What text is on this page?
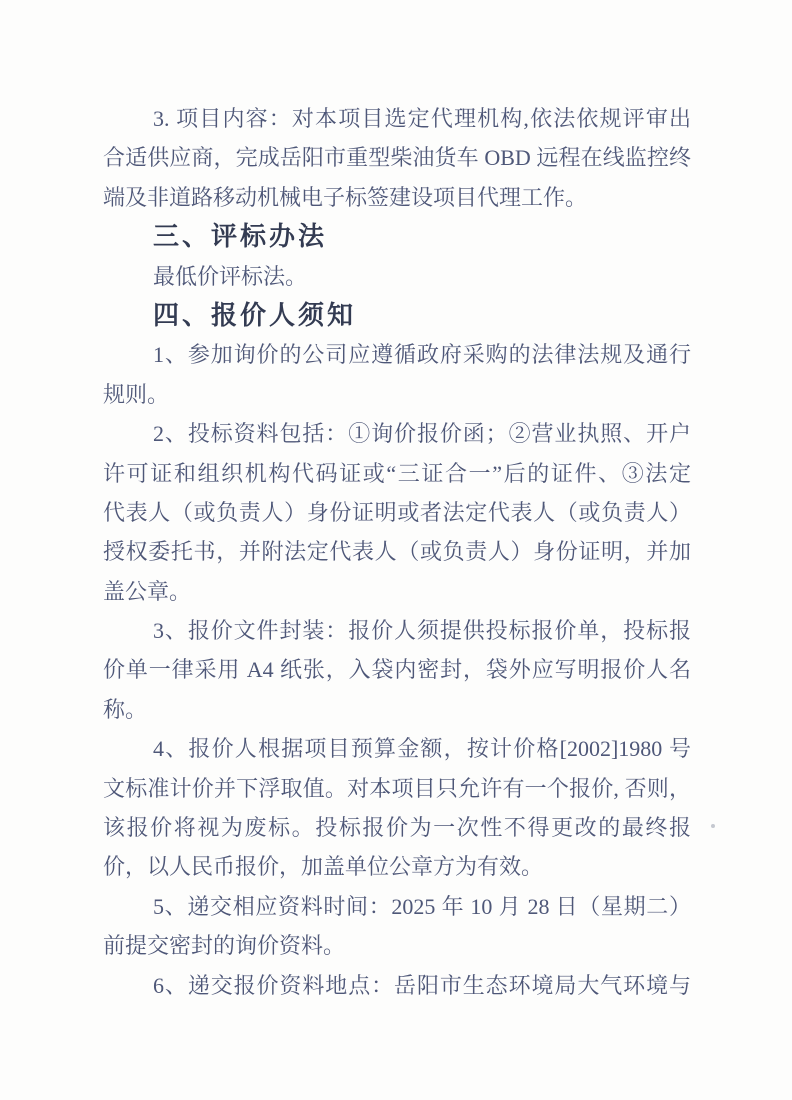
3. 项目内容：对本项目选定代理机构,依法依规评审出
合适供应商，完成岳阳市重型柴油货车 OBD 远程在线监控终
端及非道路移动机械电子标签建设项目代理工作。
三、评标办法
最低价评标法。
四、报价人须知
1、参加询价的公司应遵循政府采购的法律法规及通行
规则。
2、投标资料包括：①询价报价函；②营业执照、开户
许可证和组织机构代码证或“三证合一”后的证件、③法定
代表人（或负责人）身份证明或者法定代表人（或负责人）
授权委托书，并附法定代表人（或负责人）身份证明，并加
盖公章。
3、报价文件封装：报价人须提供投标报价单，投标报
价单一律采用 A4 纸张，入袋内密封，袋外应写明报价人名
称。
4、报价人根据项目预算金额，按计价格[2002]1980 号
文标准计价并下浮取值。对本项目只允许有一个报价, 否则，
该报价将视为废标。投标报价为一次性不得更改的最终报
价，以人民币报价，加盖单位公章方为有效。
5、递交相应资料时间：2025 年 10 月 28 日（星期二）
前提交密封的询价资料。
6、递交报价资料地点：岳阳市生态环境局大气环境与
